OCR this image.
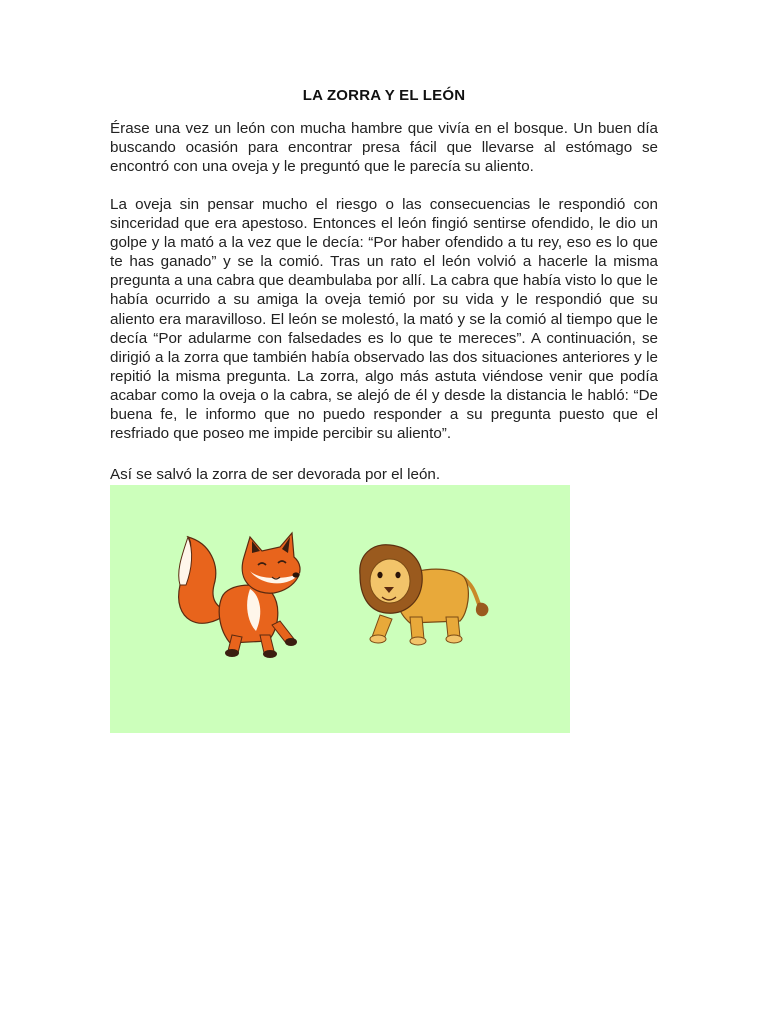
LA ZORRA Y EL LEÓN

Érase una vez un león con mucha hambre que vivía en el bosque. Un buen día buscando ocasión para encontrar presa fácil que llevarse al estómago se encontró con una oveja y le preguntó que le parecía su aliento.

La oveja sin pensar mucho el riesgo o las consecuencias le respondió con sinceridad que era apestoso. Entonces el león fingió sentirse ofendido, le dio un golpe y la mató a la vez que le decía: “Por haber ofendido a tu rey, eso es lo que te has ganado” y se la comió. Tras un rato el león volvió a hacerle la misma pregunta a una cabra que deambulaba por allí. La cabra que había visto lo que le había ocurrido a su amiga la oveja temió por su vida y le respondió que su aliento era maravilloso. El león se molestó, la mató y se la comió al tiempo que le decía “Por adularme con falsedades es lo que te mereces”. A continuación, se dirigió a la zorra que también había observado las dos situaciones anteriores y le repitió la misma pregunta. La zorra, algo más astuta viéndose venir que podía acabar como la oveja o la cabra, se alejó de él y desde la distancia le habló: “De buena fe, le informo que no puedo responder a su pregunta puesto que el resfriado que poseo me impide percibir su aliento”.

Así se salvó la zorra de ser devorada por el león.
